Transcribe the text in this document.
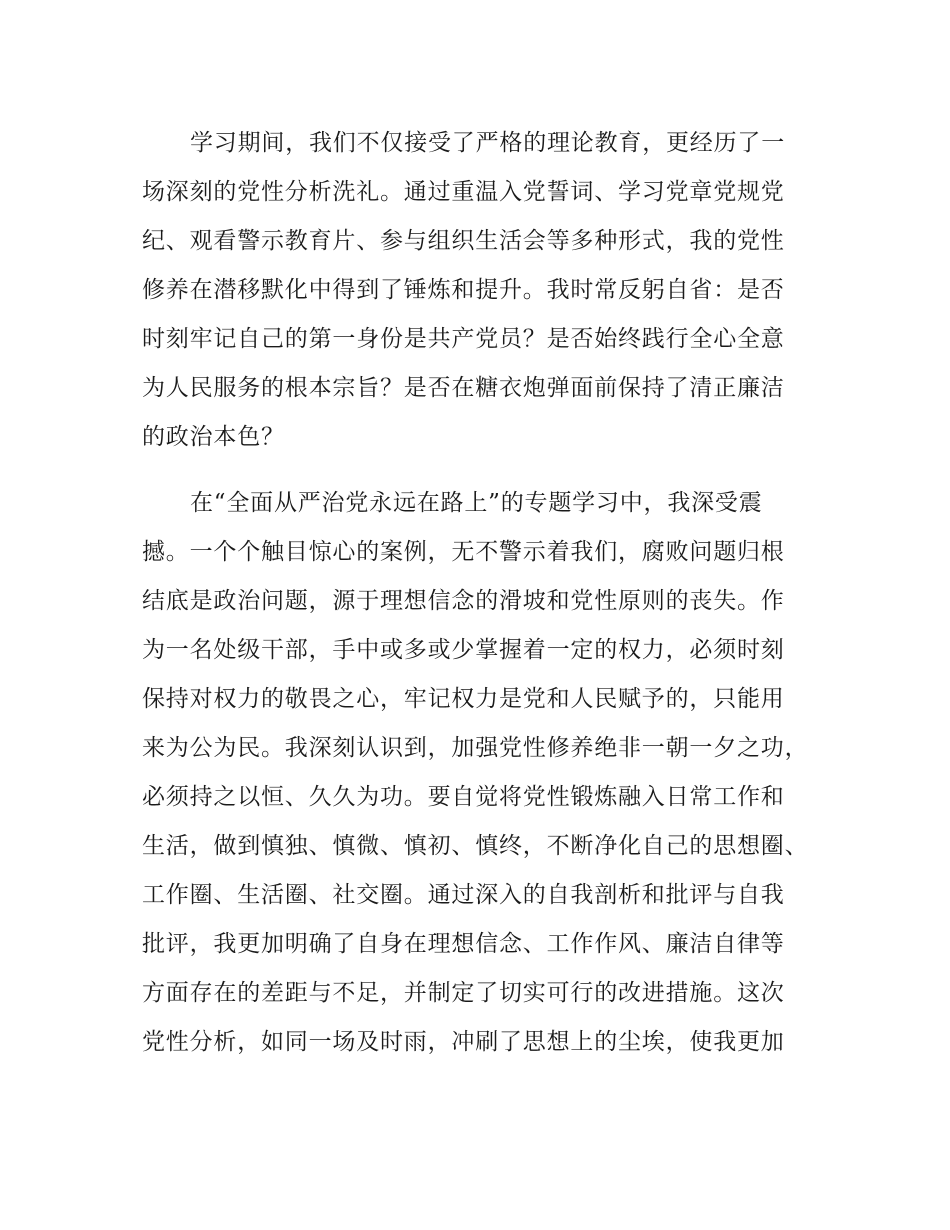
学习期间，我们不仅接受了严格的理论教育，更经历了一
场深刻的党性分析洗礼。通过重温入党誓词、学习党章党规党
纪、观看警示教育片、参与组织生活会等多种形式，我的党性
修养在潜移默化中得到了锤炼和提升。我时常反躬自省：是否
时刻牢记自己的第一身份是共产党员？是否始终践行全心全意
为人民服务的根本宗旨？是否在糖衣炮弹面前保持了清正廉洁
的政治本色？
在“全面从严治党永远在路上”的专题学习中，我深受震
撼。一个个触目惊心的案例，无不警示着我们，腐败问题归根
结底是政治问题，源于理想信念的滑坡和党性原则的丧失。作
为一名处级干部，手中或多或少掌握着一定的权力，必须时刻
保持对权力的敬畏之心，牢记权力是党和人民赋予的，只能用
来为公为民。我深刻认识到，加强党性修养绝非一朝一夕之功，
必须持之以恒、久久为功。要自觉将党性锻炼融入日常工作和
生活，做到慎独、慎微、慎初、慎终，不断净化自己的思想圈、
工作圈、生活圈、社交圈。通过深入的自我剖析和批评与自我
批评，我更加明确了自身在理想信念、工作作风、廉洁自律等
方面存在的差距与不足，并制定了切实可行的改进措施。这次
党性分析，如同一场及时雨，冲刷了思想上的尘埃，使我更加
